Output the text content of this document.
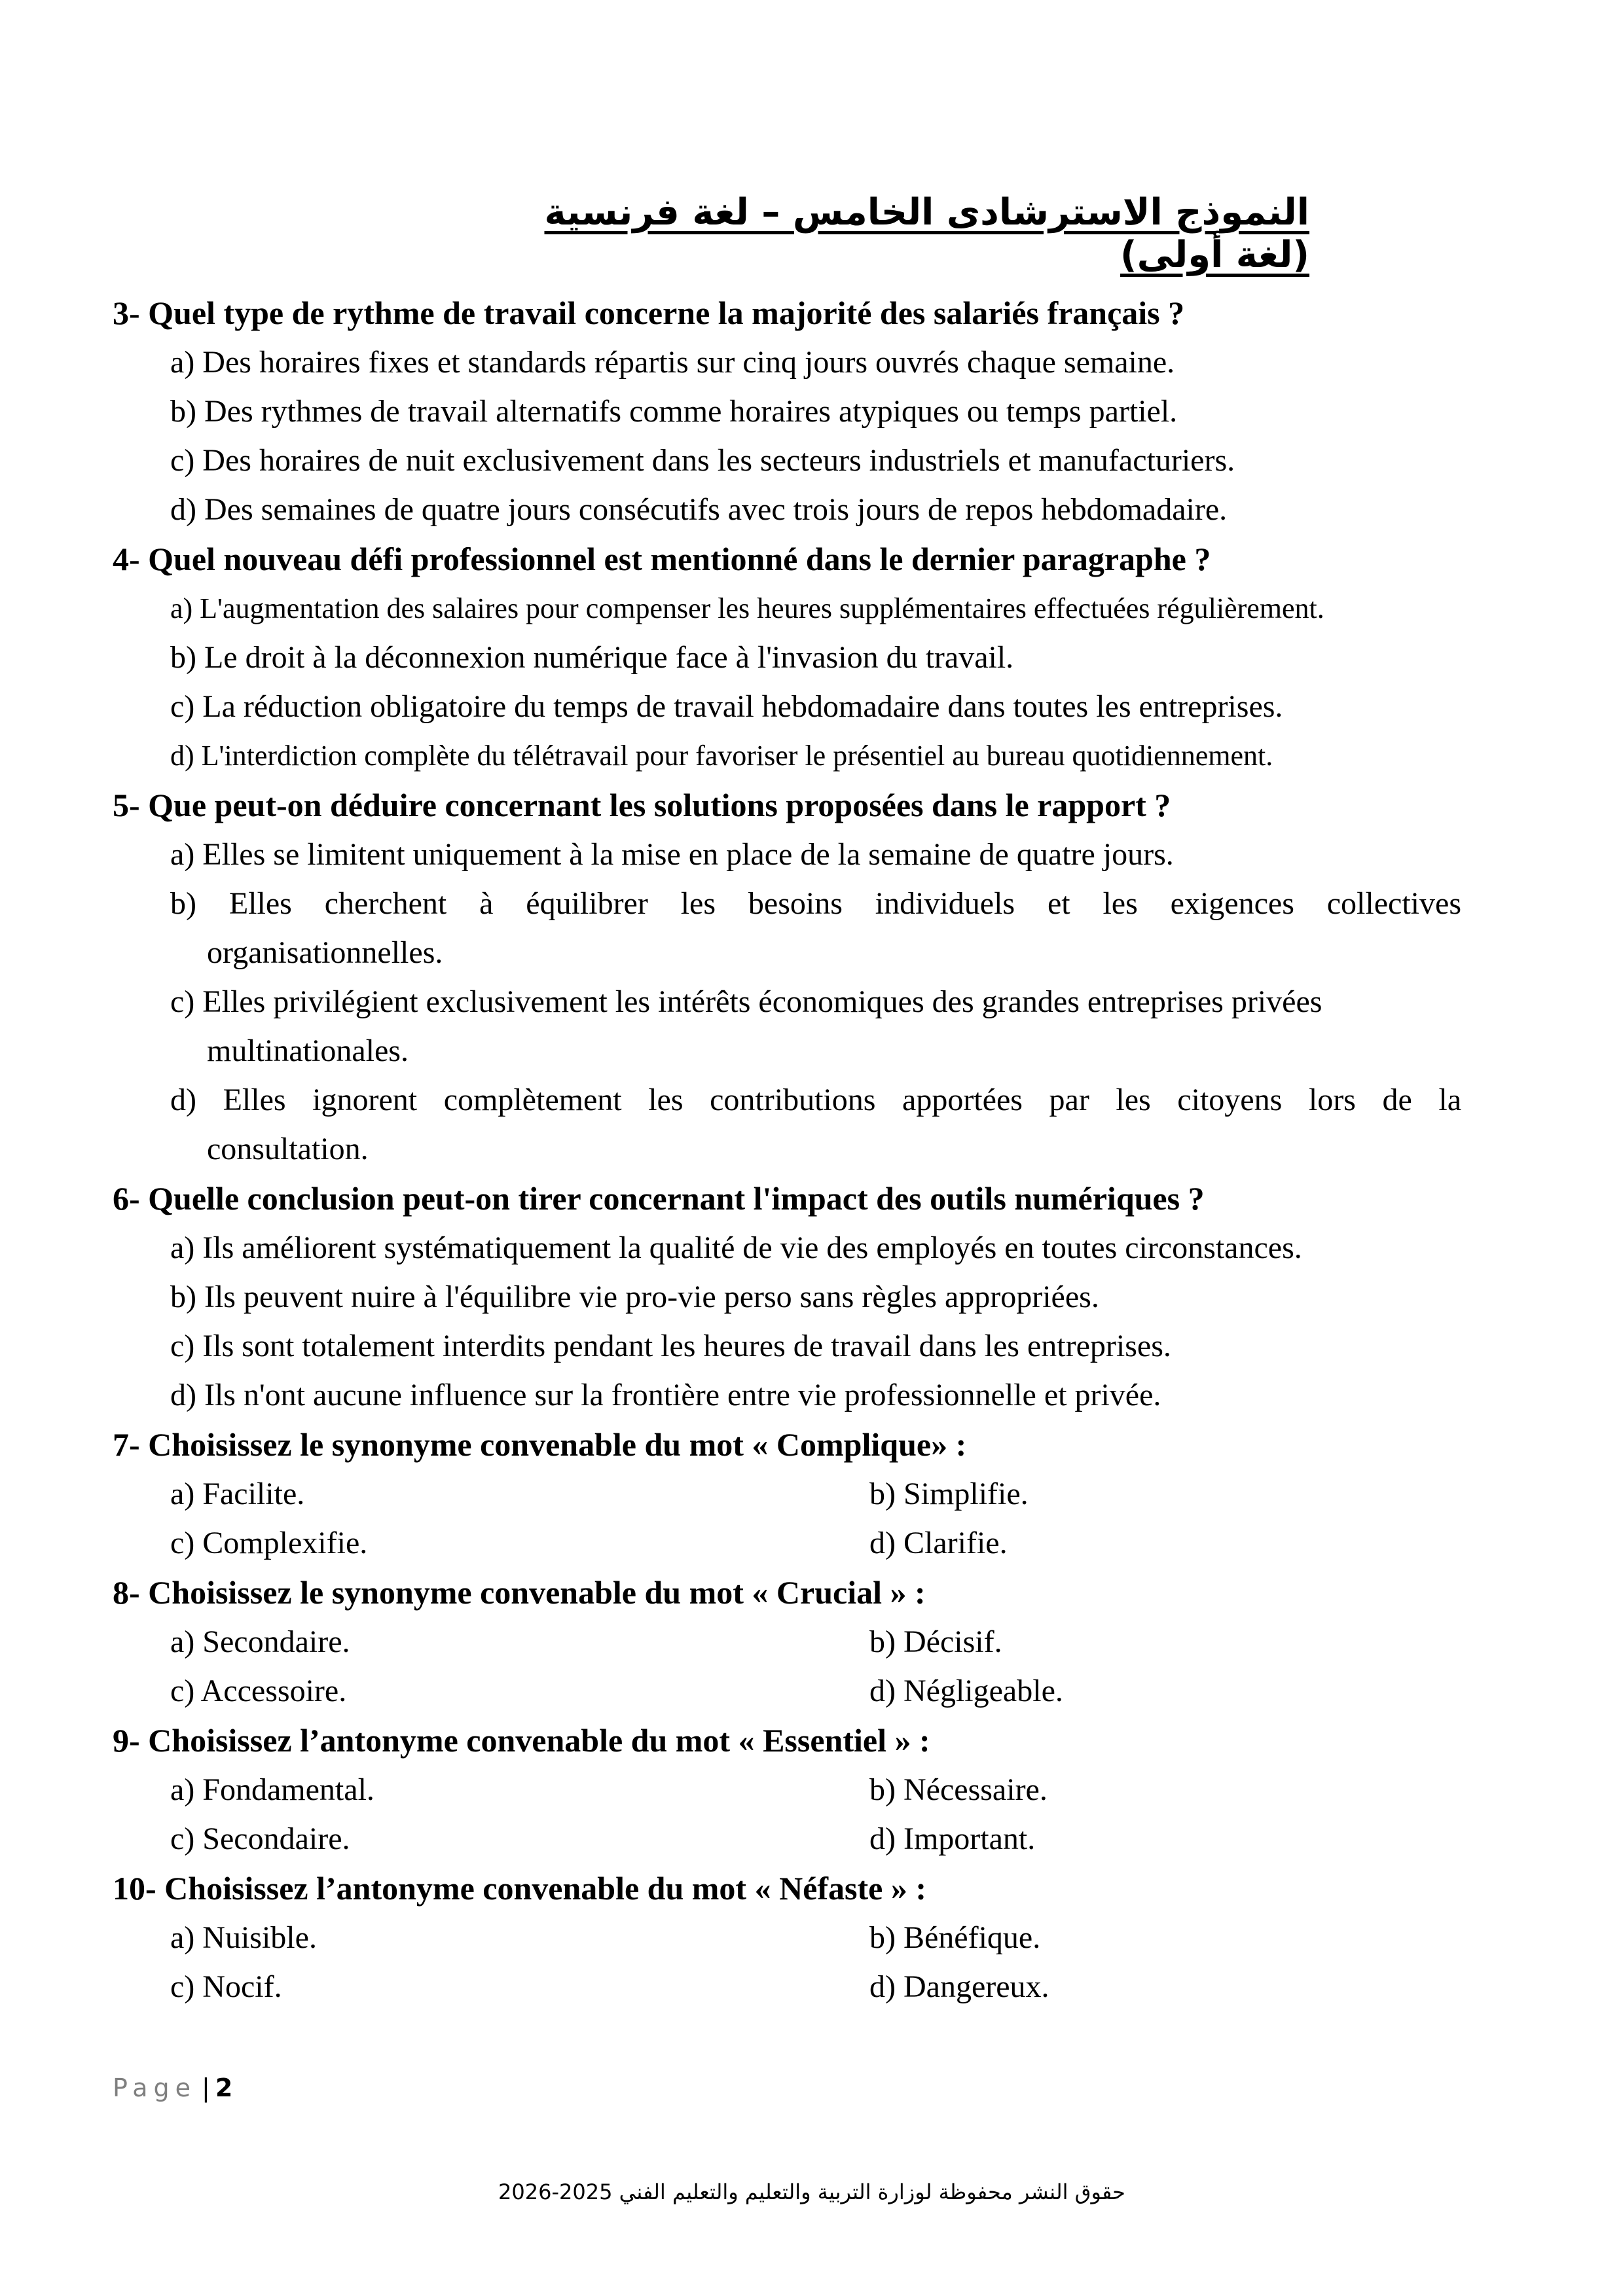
النموذج الاسترشادى الخامس – لغة فرنسية (لغة أولى)
3- Quel type de rythme de travail concerne la majorité des salariés français ?
a) Des horaires fixes et standards répartis sur cinq jours ouvrés chaque semaine.
b) Des rythmes de travail alternatifs comme horaires atypiques ou temps partiel.
c) Des horaires de nuit exclusivement dans les secteurs industriels et manufacturiers.
d) Des semaines de quatre jours consécutifs avec trois jours de repos hebdomadaire.
4- Quel nouveau défi professionnel est mentionné dans le dernier paragraphe ?
a) L'augmentation des salaires pour compenser les heures supplémentaires effectuées régulièrement.
b) Le droit à la déconnexion numérique face à l'invasion du travail.
c) La réduction obligatoire du temps de travail hebdomadaire dans toutes les entreprises.
d) L'interdiction complète du télétravail pour favoriser le présentiel au bureau quotidiennement.
5- Que peut-on déduire concernant les solutions proposées dans le rapport ?
a) Elles se limitent uniquement à la mise en place de la semaine de quatre jours.
b) Elles cherchent à équilibrer les besoins individuels et les exigences collectives
organisationnelles.
c) Elles privilégient exclusivement les intérêts économiques des grandes entreprises privées
multinationales.
d) Elles ignorent complètement les contributions apportées par les citoyens lors de la
consultation.
6- Quelle conclusion peut-on tirer concernant l'impact des outils numériques ?
a) Ils améliorent systématiquement la qualité de vie des employés en toutes circonstances.
b) Ils peuvent nuire à l'équilibre vie pro-vie perso sans règles appropriées.
c) Ils sont totalement interdits pendant les heures de travail dans les entreprises.
d) Ils n'ont aucune influence sur la frontière entre vie professionnelle et privée.
7- Choisissez le synonyme convenable du mot « Complique» :
a) Facilite.	b) Simplifie.
c) Complexifie.	d) Clarifie.
8- Choisissez le synonyme convenable du mot « Crucial » :
a) Secondaire.	b) Décisif.
c) Accessoire.	d) Négligeable.
9- Choisissez l’antonyme convenable du mot « Essentiel » :
a) Fondamental.	b) Nécessaire.
c) Secondaire.	d) Important.
10- Choisissez l’antonyme convenable du mot « Néfaste » :
a) Nuisible.	b) Bénéfique.
c) Nocif.	d) Dangereux.
Page | 2
حقوق النشر محفوظة لوزارة التربية والتعليم والتعليم الفني 2025-2026
